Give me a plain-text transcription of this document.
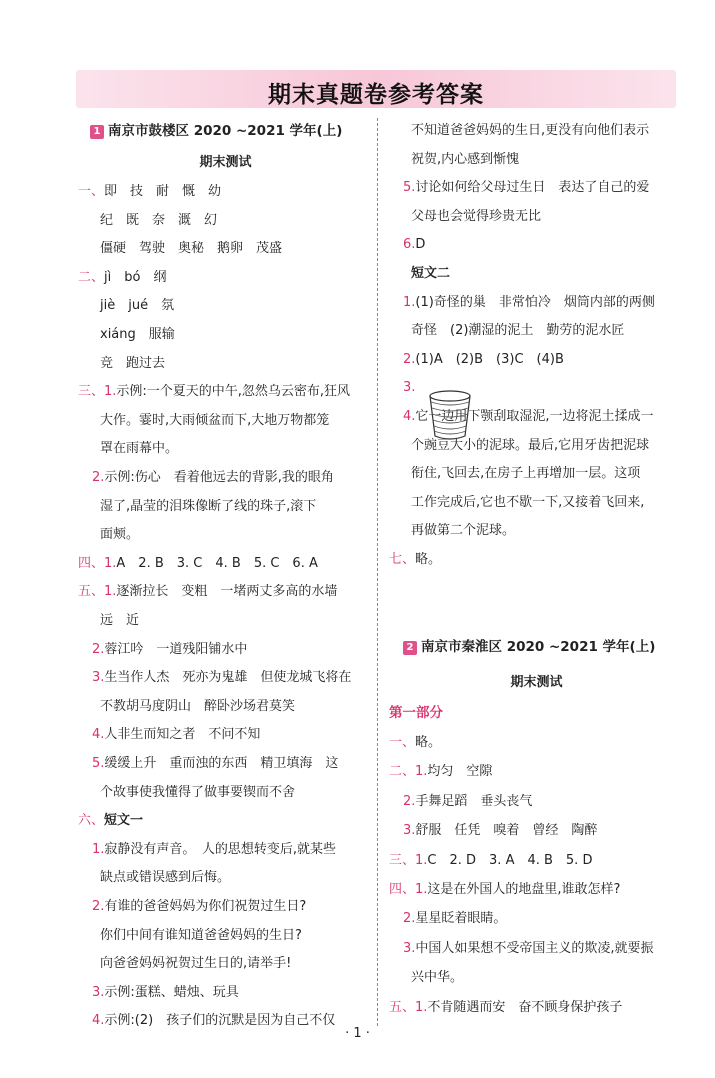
期末真题卷参考答案
1 南京市鼓楼区 2020 ~2021 学年(上)
期末测试
一、即　技　耐　慨　幼
纪　既　奈　溉　幻
僵硬　驾驶　奥秘　鹅卵　茂盛
二、jì　bó　纲
jiè　jué　氛
xiáng　服输
竞　跑过去
三、1.示例:一个夏天的中午,忽然乌云密布,狂风
大作。霎时,大雨倾盆而下,大地万物都笼
罩在雨幕中。
2.示例:伤心　看着他远去的背影,我的眼角
湿了,晶莹的泪珠像断了线的珠子,滚下
面颊。
四、1.A　2. B　3. C　4. B　5. C　6. A
五、1.逐渐拉长　变粗　一堵两丈多高的水墙
远　近
2.蓉江吟　一道残阳铺水中
3.生当作人杰　死亦为鬼雄　但使龙城飞将在
不教胡马度阴山　醉卧沙场君莫笑
4.人非生而知之者　不问不知
5.缓缓上升　重而浊的东西　精卫填海　这
个故事使我懂得了做事要锲而不舍
六、短文一
1.寂静没有声音。　人的思想转变后,就某些
缺点或错误感到后悔。
2.有谁的爸爸妈妈为你们祝贺过生日?
你们中间有谁知道爸爸妈妈的生日?
向爸爸妈妈祝贺过生日的,请举手!
3.示例:蛋糕、蜡烛、玩具
4.示例:(2)　孩子们的沉默是因为自己不仅
不知道爸爸妈妈的生日,更没有向他们表示
祝贺,内心感到惭愧
5.讨论如何给父母过生日　表达了自己的爱
父母也会觉得珍贵无比
6.D
短文二
1.(1)奇怪的巢　非常怕冷　烟筒内部的两侧
奇怪　(2)潮湿的泥土　勤劳的泥水匠
2.(1)A　(2)B　(3)C　(4)B
3.
4.它一边用下颚刮取湿泥,一边将泥土揉成一
个豌豆大小的泥球。最后,它用牙齿把泥球
衔住,飞回去,在房子上再增加一层。这项
工作完成后,它也不歇一下,又接着飞回来,
再做第二个泥球。
七、略。
2 南京市秦淮区 2020 ~2021 学年(上)
期末测试
第一部分
一、略。
二、1.均匀　空隙
2.手舞足蹈　垂头丧气
3.舒服　任凭　嗅着　曾经　陶醉
三、1.C　2. D　3. A　4. B　5. D
四、1.这是在外国人的地盘里,谁敢怎样?
2.星星眨着眼睛。
3.中国人如果想不受帝国主义的欺凌,就要振
兴中华。
五、1.不肯随遇而安　奋不顾身保护孩子
· 1 ·
